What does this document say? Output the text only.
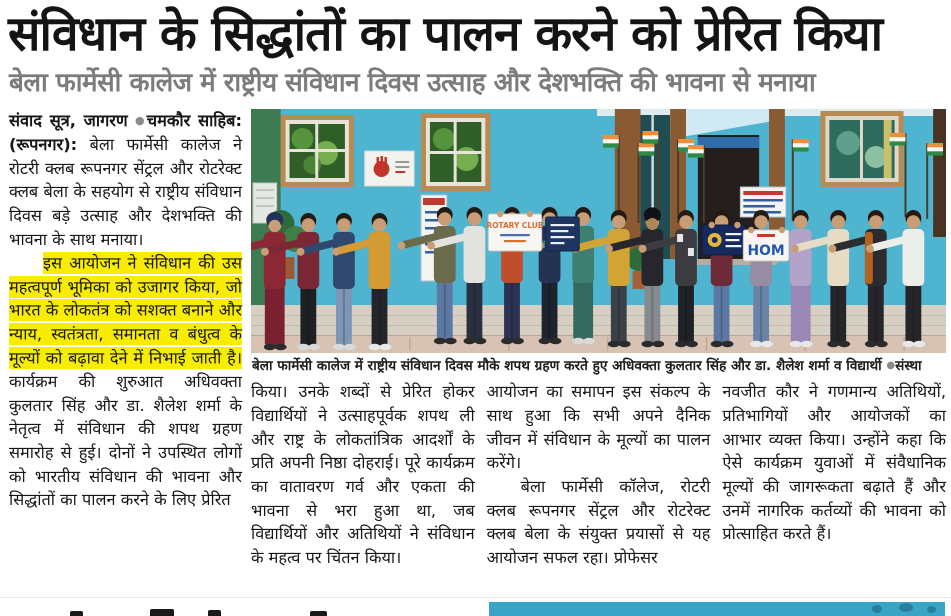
संविधान के सिद्धांतों का पालन करने को प्रेरित किया
बेला फार्मेसी कालेज में राष्ट्रीय संविधान दिवस उत्साह और देशभक्ति की भावना से मनाया

संवाद सूत्र, जागरण ●चमकौर साहिब:(रूपनगर): बेला फार्मेसी कालेज ने रोटरी क्लब रूपनगर सेंट्रल और रोटरेक्ट क्लब बेला के सहयोग से राष्ट्रीय संविधान दिवस बड़े उत्साह और देशभक्ति की भावना के साथ मनाया।

इस आयोजन ने संविधान की उस महत्वपूर्ण भूमिका को उजागर किया, जो भारत के लोकतंत्र को सशक्त बनाने और न्याय, स्वतंत्रता, समानता व बंधुत्व के मूल्यों को बढ़ावा देने में निभाई जाती है। कार्यक्रम की शुरुआत अधिवक्ता कुलतार सिंह और डा. शैलेश शर्मा के नेतृत्व में संविधान की शपथ ग्रहण समारोह से हुई। दोनों ने उपस्थित लोगों को भारतीय संविधान की भावना और सिद्धांतों का पालन करने के लिए प्रेरित

ROTARY CLUB
HOM
बेला फार्मेसी कालेज में राष्ट्रीय संविधान दिवस मौके शपथ ग्रहण करते हुए अधिवक्ता कुलतार सिंह और डा. शैलेश शर्मा व विद्यार्थी ●संस्था

किया। उनके शब्दों से प्रेरित होकर विद्यार्थियों ने उत्साहपूर्वक शपथ ली और राष्ट्र के लोकतांत्रिक आदर्शों के प्रति अपनी निष्ठा दोहराई। पूरे कार्यक्रम का वातावरण गर्व और एकता की भावना से भरा हुआ था, जब विद्यार्थियों और अतिथियों ने संविधान के महत्व पर चिंतन किया।

आयोजन का समापन इस संकल्प के साथ हुआ कि सभी अपने दैनिक जीवन में संविधान के मूल्यों का पालन करेंगे।

बेला फार्मेसी कॉलेज, रोटरी क्लब रूपनगर सेंट्रल और रोटरेक्ट क्लब बेला के संयुक्त प्रयासों से यह आयोजन सफल रहा। प्रोफेसर

नवजीत कौर ने गणमान्य अतिथियों, प्रतिभागियों और आयोजकों का आभार व्यक्त किया। उन्होंने कहा कि ऐसे कार्यक्रम युवाओं में संवैधानिक मूल्यों की जागरूकता बढ़ाते हैं और उनमें नागरिक कर्तव्यों की भावना को प्रोत्साहित करते हैं।
